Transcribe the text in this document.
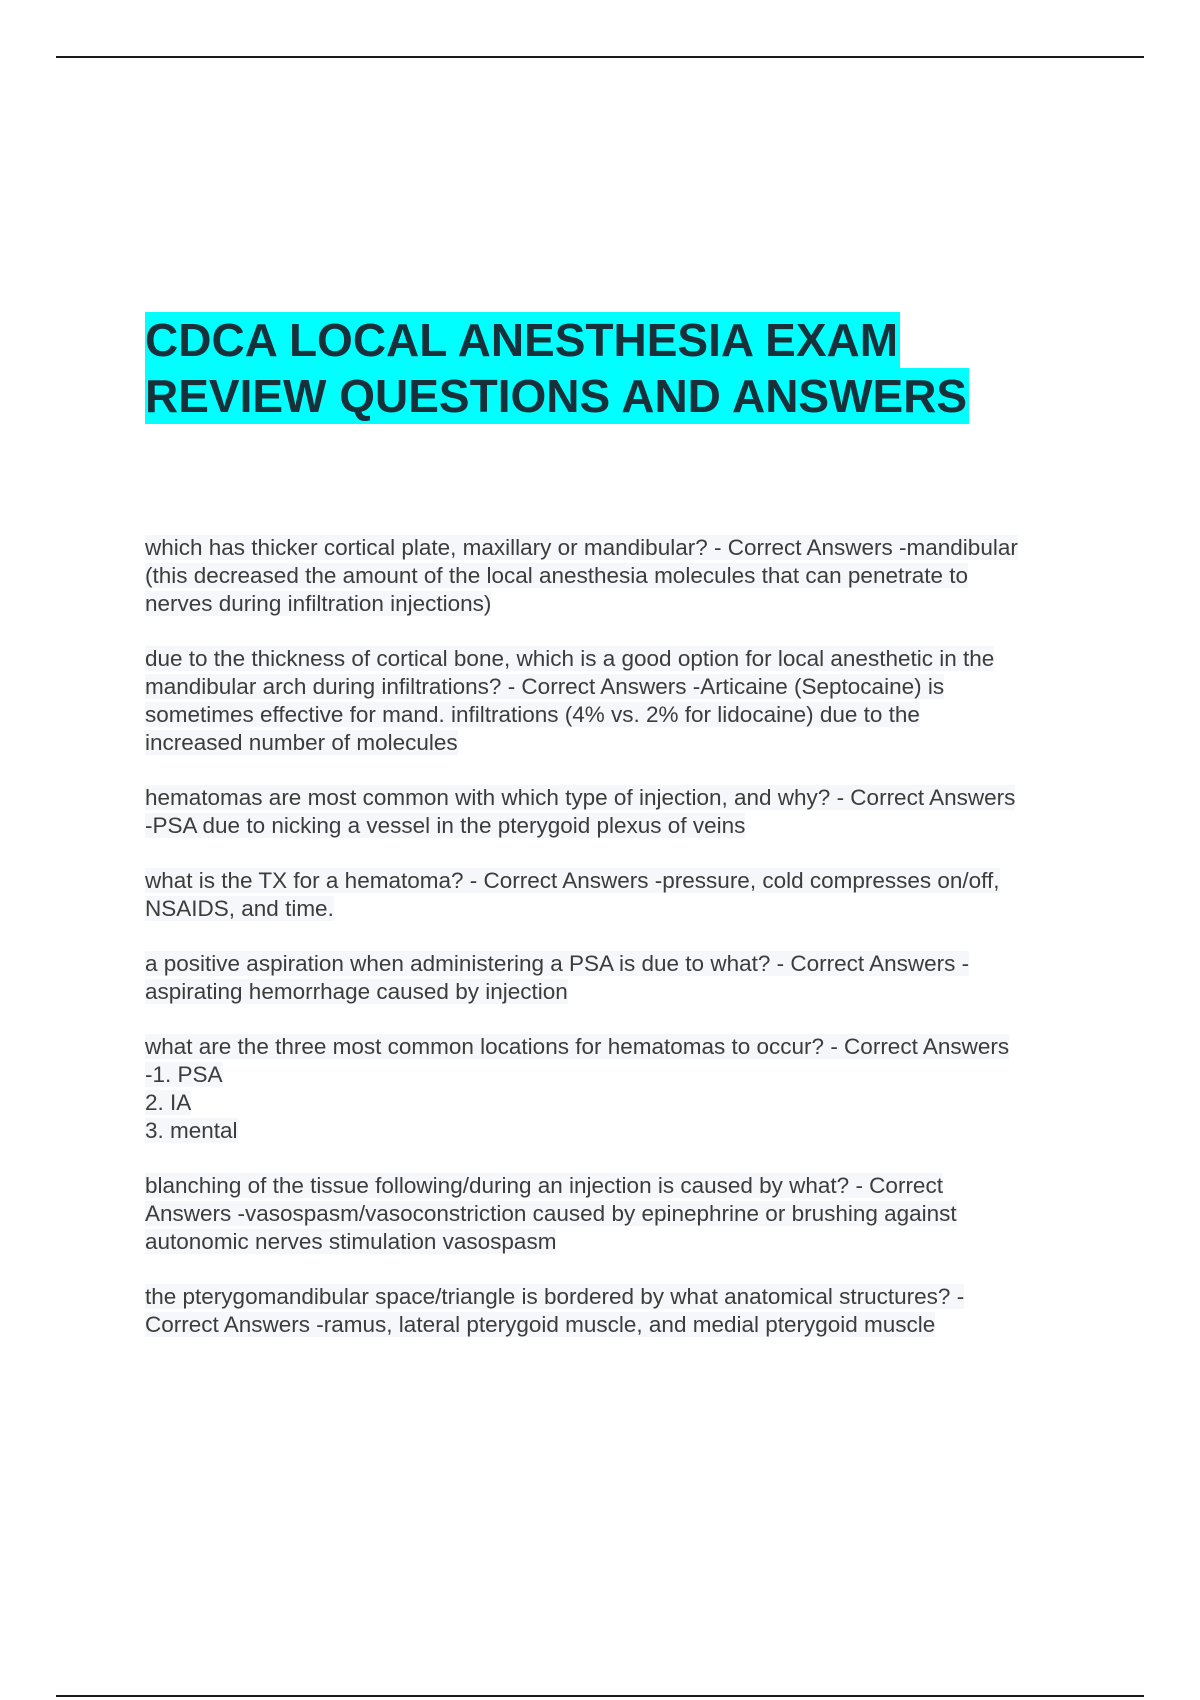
CDCA LOCAL ANESTHESIA EXAM
REVIEW QUESTIONS AND ANSWERS
which has thicker cortical plate, maxillary or mandibular? - Correct Answers -mandibular
(this decreased the amount of the local anesthesia molecules that can penetrate to
nerves during infiltration injections)
due to the thickness of cortical bone, which is a good option for local anesthetic in the
mandibular arch during infiltrations? - Correct Answers -Articaine (Septocaine) is
sometimes effective for mand. infiltrations (4% vs. 2% for lidocaine) due to the
increased number of molecules
hematomas are most common with which type of injection, and why? - Correct Answers
-PSA due to nicking a vessel in the pterygoid plexus of veins
what is the TX for a hematoma? - Correct Answers -pressure, cold compresses on/off,
NSAIDS, and time.
a positive aspiration when administering a PSA is due to what? - Correct Answers -
aspirating hemorrhage caused by injection
what are the three most common locations for hematomas to occur? - Correct Answers
-1. PSA
2. IA
3. mental
blanching of the tissue following/during an injection is caused by what? - Correct
Answers -vasospasm/vasoconstriction caused by epinephrine or brushing against
autonomic nerves stimulation vasospasm
the pterygomandibular space/triangle is bordered by what anatomical structures? -
Correct Answers -ramus, lateral pterygoid muscle, and medial pterygoid muscle
